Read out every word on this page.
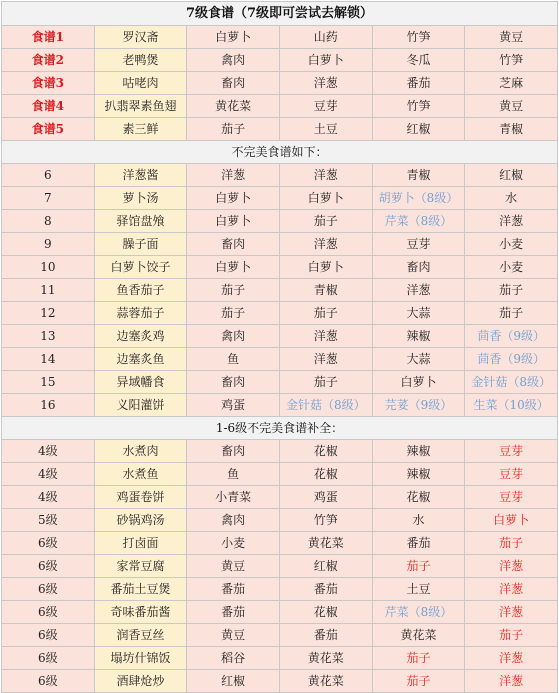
7级食谱（7级即可尝试去解锁）					
食谱1	罗汉斋	白萝卜	山药	竹笋	黄豆
食谱2	老鸭煲	禽肉	白萝卜	冬瓜	竹笋
食谱3	咕咾肉	畜肉	洋葱	番茄	芝麻
食谱4	扒翡翠素鱼翅	黄花菜	豆芽	竹笋	黄豆
食谱5	素三鲜	茄子	土豆	红椒	青椒
不完美食谱如下：					
6	洋葱酱	洋葱	洋葱	青椒	红椒
7	萝卜汤	白萝卜	白萝卜	胡萝卜（8级）	水
8	驿馆盘飧	白萝卜	茄子	芹菜（8级）	洋葱
9	臊子面	畜肉	洋葱	豆芽	小麦
10	白萝卜饺子	白萝卜	白萝卜	畜肉	小麦
11	鱼香茄子	茄子	青椒	洋葱	茄子
12	蒜蓉茄子	茄子	茄子	大蒜	茄子
13	边塞炙鸡	禽肉	洋葱	辣椒	茴香（9级）
14	边塞炙鱼	鱼	洋葱	大蒜	茴香（9级）
15	异域幡食	畜肉	茄子	白萝卜	金针菇（8级）
16	义阳灌饼	鸡蛋	金针菇（8级）	芫荽（9级）	生菜（10级）
1-6级不完美食谱补全：					
4级	水煮肉	畜肉	花椒	辣椒	豆芽
4级	水煮鱼	鱼	花椒	辣椒	豆芽
4级	鸡蛋卷饼	小青菜	鸡蛋	花椒	豆芽
5级	砂锅鸡汤	禽肉	竹笋	水	白萝卜
6级	打卤面	小麦	黄花菜	番茄	茄子
6级	家常豆腐	黄豆	红椒	茄子	洋葱
6级	番茄土豆煲	番茄	番茄	土豆	洋葱
6级	奇味番茄酱	番茄	花椒	芹菜（8级）	洋葱
6级	润香豆丝	黄豆	番茄	黄花菜	茄子
6级	塌坊什锦饭	稻谷	黄花菜	茄子	洋葱
6级	酒肆炝炒	红椒	黄花菜	茄子	洋葱
